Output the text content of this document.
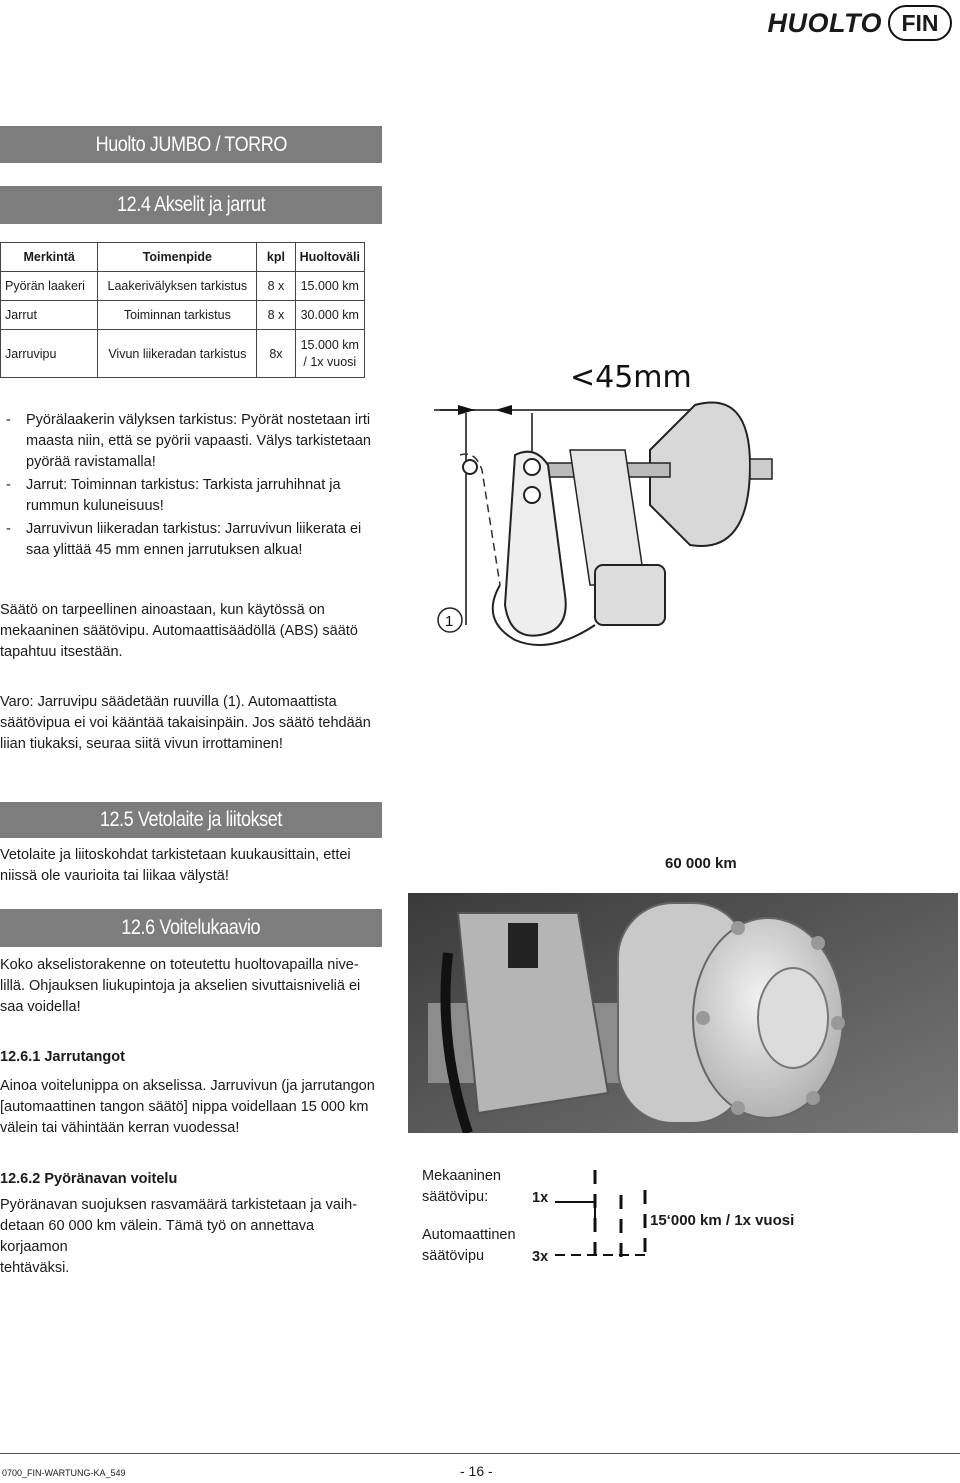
HUOLTO FIN
Huolto JUMBO / TORRO
12.4 Akselit ja jarrut
Merkintä	Toimenpide	kpl	Huoltoväli
Pyörän laakeri	Laakerivälyksen tarkistus	8 x	15.000 km
Jarrut	Toiminnan tarkistus	8 x	30.000 km
Jarruvipu	Vivun liikeradan tarkistus	8x	15.000 km
/ 1x vuosi
-	Pyörälaakerin välyksen tarkistus: Pyörät nostetaan irti

maasta niin, että se pyörii vapaasti. Välys tarkistetaan

pyörää ravistamalla!

-	Jarrut: Toiminnan tarkistus: Tarkista jarruhihnat ja

rummun kuluneisuus!

-	Jarruvivun liikeradan tarkistus: Jarruvivun liikerata ei

saa ylittää 45 mm ennen jarrutuksen alkua!

Säätö on tarpeellinen ainoastaan, kun käytössä on

mekaaninen säätövipu. Automaattisäädöllä (ABS) säätö

tapahtuu itsestään.

Varo: Jarruvipu säädetään ruuvilla (1). Automaattista

säätövipua ei voi kääntää takaisinpäin. Jos säätö tehdään

liian tiukaksi, seuraa siitä vivun irrottaminen!

<45mm
1
12.5 Vetolaite ja liitokset

Vetolaite ja liitoskohdat tarkistetaan kuukausittain, ettei

niissä ole vaurioita tai liikaa välystä!

60 000 km
12.6 Voitelukaavio

Koko akselistorakenne on toteutettu huoltovapailla nive-

lillä. Ohjauksen liukupintoja ja akselien sivuttaisniveliä ei

saa voidella!

12.6.1 Jarrutangot

Ainoa voitelunippa on akselissa. Jarruvivun (ja jarrutangon

[automaattinen tangon säätö] nippa voidellaan 15 000 km

välein tai vähintään kerran vuodessa!

12.6.2 Pyöränavan voitelu

Pyöränavan suojuksen rasvamäärä tarkistetaan ja vaih-

detaan 60 000 km välein. Tämä työ on annettava korjaamon

tehtäväksi.

Mekaaninen

säätövipu:	1x

Automaattinen

säätövipu	3x
15‘000 km / 1x vuosi
0700_FIN-WARTUNG-KA_549	- 16 -
